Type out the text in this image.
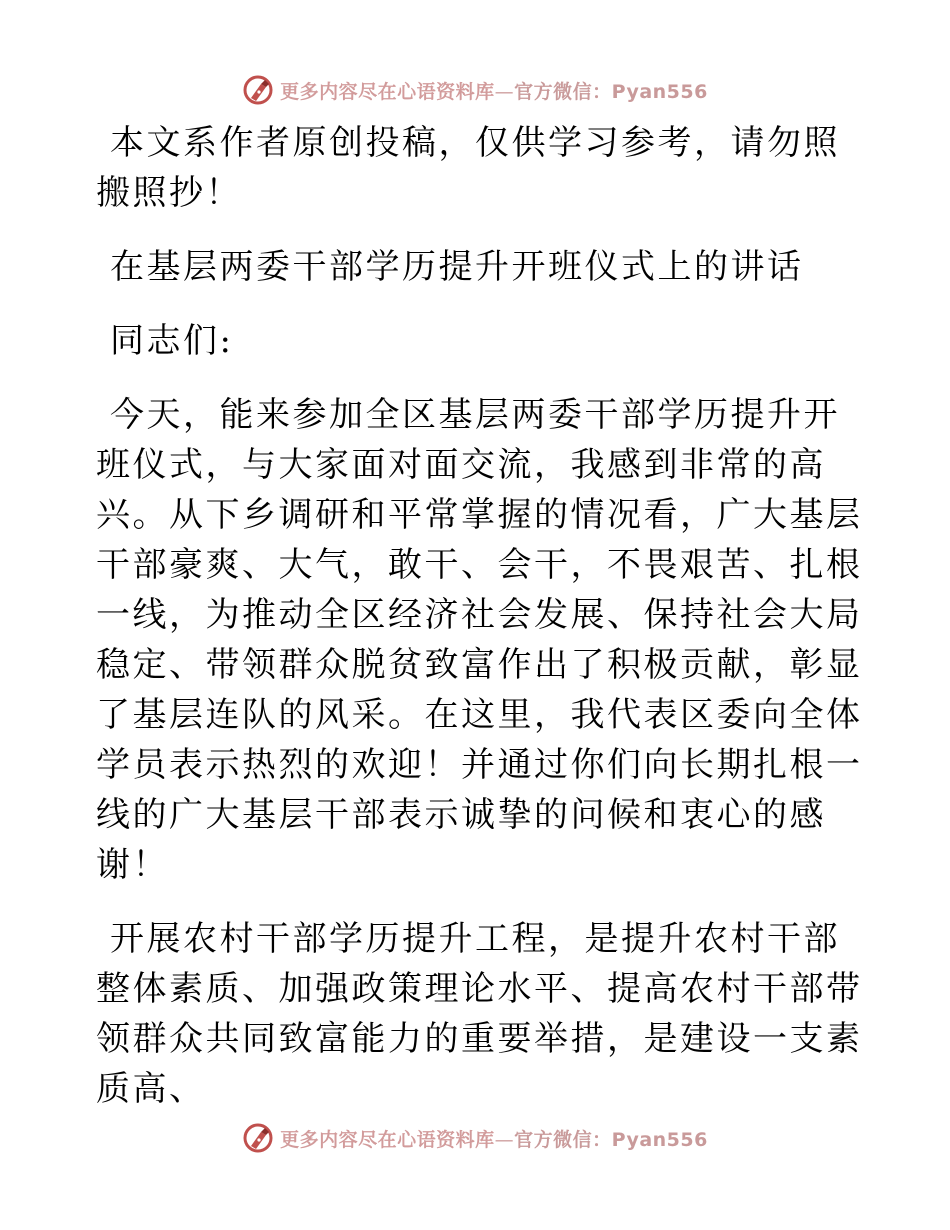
更多内容尽在心语资料库—官方微信：Pyan556

本文系作者原创投稿，仅供学习参考，请勿照搬照抄！

在基层两委干部学历提升开班仪式上的讲话

同志们:

今天，能来参加全区基层两委干部学历提升开班仪式，与大家面对面交流，我感到非常的高兴。从下乡调研和平常掌握的情况看，广大基层干部豪爽、大气，敢干、会干，不畏艰苦、扎根一线，为推动全区经济社会发展、保持社会大局稳定、带领群众脱贫致富作出了积极贡献，彰显了基层连队的风采。在这里，我代表区委向全体学员表示热烈的欢迎！并通过你们向长期扎根一线的广大基层干部表示诚挚的问候和衷心的感谢！

开展农村干部学历提升工程，是提升农村干部整体素质、加强政策理论水平、提高农村干部带领群众共同致富能力的重要举措，是建设一支素质高、

更多内容尽在心语资料库—官方微信：Pyan556
